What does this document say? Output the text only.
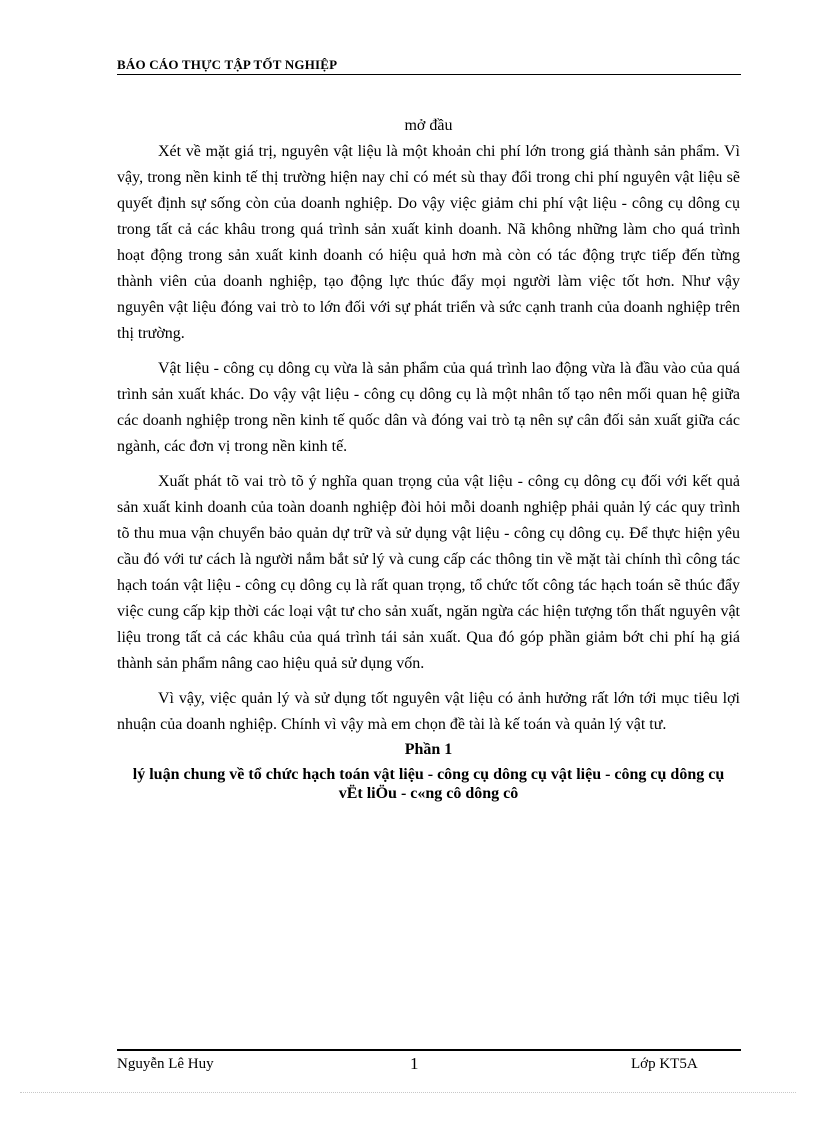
BÁO CÁO THỰC TẬP TỐT NGHIỆP

mở đầu

Xét về mặt giá trị, nguyên vật liệu là một khoản chi phí lớn trong giá thành sản phẩm. Vì vậy, trong nền kinh tế thị trường hiện nay chỉ có mét sù thay đổi trong chi phí nguyên vật liệu sẽ quyết định sự sống còn của doanh nghiệp. Do vậy việc giảm chi phí vật liệu - công cụ dông cụ trong tất cả các khâu trong quá trình sản xuất kinh doanh. Nã không những làm cho quá trình hoạt động trong sản xuất kinh doanh có hiệu quả hơn mà còn có tác động trực tiếp đến từng thành viên của doanh nghiệp, tạo động lực thúc đẩy mọi người làm việc tốt hơn. Như vậy nguyên vật liệu đóng vai trò to lớn đối với sự phát triển và sức cạnh tranh của doanh nghiệp trên thị trường.

Vật liệu - công cụ dông cụ vừa là sản phẩm của quá trình lao động vừa là đầu vào của quá trình sản xuất khác. Do vậy vật liệu - công cụ dông cụ là một nhân tố tạo nên mối quan hệ giữa các doanh nghiệp trong nền kinh tế quốc dân và đóng vai trò tạ nên sự cân đối sản xuất giữa các ngành, các đơn vị trong nền kinh tế.

Xuất phát tõ vai trò tõ ý nghĩa quan trọng của vật liệu - công cụ dông cụ đối với kết quả sản xuất kinh doanh của toàn doanh nghiệp đòi hỏi mỗi doanh nghiệp phải quản lý các quy trình tõ thu mua vận chuyển bảo quản dự trữ và sử dụng vật liệu - công cụ dông cụ. Để thực hiện yêu cầu đó với tư cách là người nắm bắt sử lý và cung cấp các thông tin về mặt tài chính thì công tác hạch toán vật liệu - công cụ dông cụ là rất quan trọng, tổ chức tốt công tác hạch toán sẽ thúc đẩy việc cung cấp kịp thời các loại vật tư cho sản xuất, ngăn ngừa các hiện tượng tổn thất nguyên vật liệu trong tất cả các khâu của quá trình tái sản xuất. Qua đó góp phần giảm bớt chi phí hạ giá thành sản phẩm nâng cao hiệu quả sử dụng vốn.

Vì vậy, việc quản lý và sử dụng tốt nguyên vật liệu có ảnh hưởng rất lớn tới mục tiêu lợi nhuận của doanh nghiệp. Chính vì vậy mà em chọn đề tài là kế toán và quản lý vật tư.

Phần 1

lý luận chung về tổ chức hạch toán vật liệu - công cụ dông cụ vật liệu - công cụ dông cụ

vËt liÖu - c«ng cô dông cô

Nguyễn Lê Huy	1	Lớp KT5A
